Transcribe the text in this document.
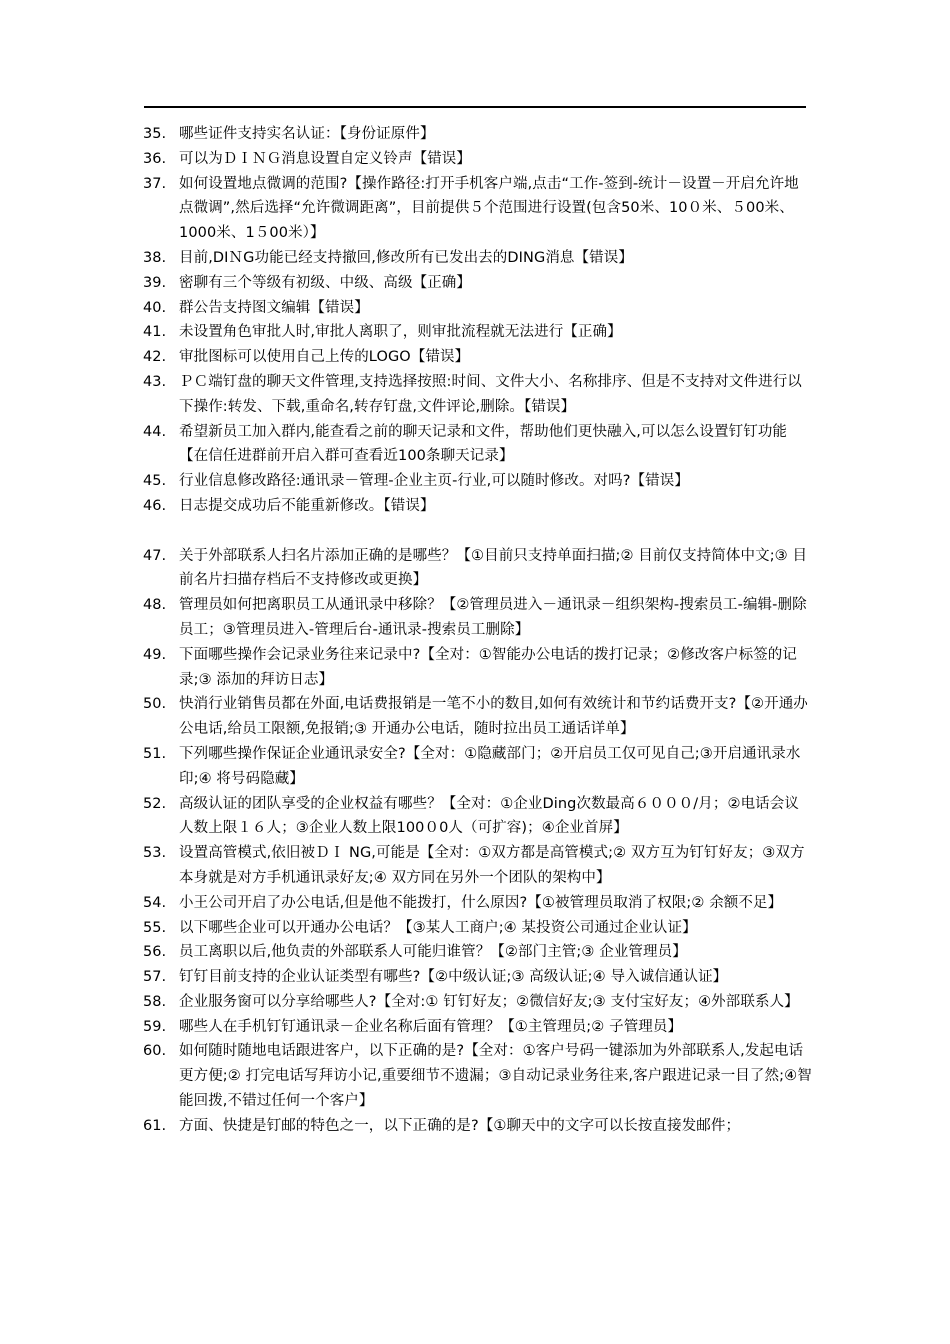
35. 哪些证件支持实名认证：【身份证原件】
36. 可以为ＤＩＮＧ消息设置自定义铃声【错误】
37. 如何设置地点微调的范围?【操作路径:打开手机客户端,点击“工作-签到-统计－设置－开启允许地点微调”,然后选择“允许微调距离”，目前提供５个范围进行设置(包含50米、10０米、５00米、1000米、1５00米）】
38. 目前,DIＮG功能已经支持撤回,修改所有已发出去的DING消息【错误】
39. 密聊有三个等级有初级、中级、高级【正确】
40. 群公告支持图文编辑【错误】
41. 未设置角色审批人时,审批人离职了，则审批流程就无法进行【正确】
42. 审批图标可以使用自己上传的LOGO【错误】
43. ＰＣ端钉盘的聊天文件管理,支持选择按照:时间、文件大小、名称排序、但是不支持对文件进行以下操作:转发、下载,重命名,转存钉盘,文件评论,删除。【错误】
44. 希望新员工加入群内,能查看之前的聊天记录和文件，帮助他们更快融入,可以怎么设置钉钉功能【在信任进群前开启入群可查看近100条聊天记录】
45. 行业信息修改路径:通讯录－管理-企业主页-行业,可以随时修改。对吗?【错误】
46. 日志提交成功后不能重新修改。【错误】
47. 关于外部联系人扫名片添加正确的是哪些？【①目前只支持单面扫描;② 目前仅支持简体中文;③ 目前名片扫描存档后不支持修改或更换】
48. 管理员如何把离职员工从通讯录中移除？【②管理员进入－通讯录－组织架构-搜索员工-编辑-删除员工；③管理员进入-管理后台-通讯录-搜索员工删除】
49. 下面哪些操作会记录业务往来记录中?【全对：①智能办公电话的拨打记录；②修改客户标签的记录;③ 添加的拜访日志】
50. 快消行业销售员都在外面,电话费报销是一笔不小的数目,如何有效统计和节约话费开支?【②开通办公电话,给员工限额,免报销;③ 开通办公电话，随时拉出员工通话详单】
51. 下列哪些操作保证企业通讯录安全?【全对：①隐藏部门；②开启员工仅可见自己;③开启通讯录水印;④ 将号码隐藏】
52. 高级认证的团队享受的企业权益有哪些？【全对：①企业Ding次数最高６０００/月；②电话会议人数上限１６人；③企业人数上限100０0人（可扩容)；④企业首屏】
53. 设置高管模式,依旧被ＤＩ NG,可能是【全对：①双方都是高管模式;② 双方互为钉钉好友；③双方本身就是对方手机通讯录好友;④ 双方同在另外一个团队的架构中】
54. 小王公司开启了办公电话,但是他不能拨打，什么原因?【①被管理员取消了权限;② 余额不足】
55. 以下哪些企业可以开通办公电话？【③某人工商户;④ 某投资公司通过企业认证】
56. 员工离职以后,他负责的外部联系人可能归谁管？【②部门主管;③ 企业管理员】
57. 钉钉目前支持的企业认证类型有哪些?【②中级认证;③ 高级认证;④ 导入诚信通认证】
58. 企业服务窗可以分享给哪些人?【全对:① 钉钉好友；②微信好友;③ 支付宝好友；④外部联系人】
59. 哪些人在手机钉钉通讯录－企业名称后面有管理？【①主管理员;② 子管理员】
60. 如何随时随地电话跟进客户，以下正确的是?【全对：①客户号码一键添加为外部联系人,发起电话更方便;② 打完电话写拜访小记,重要细节不遗漏；③自动记录业务往来,客户跟进记录一目了然;④智能回拨,不错过任何一个客户】
61. 方面、快捷是钉邮的特色之一，以下正确的是?【①聊天中的文字可以长按直接发邮件；
